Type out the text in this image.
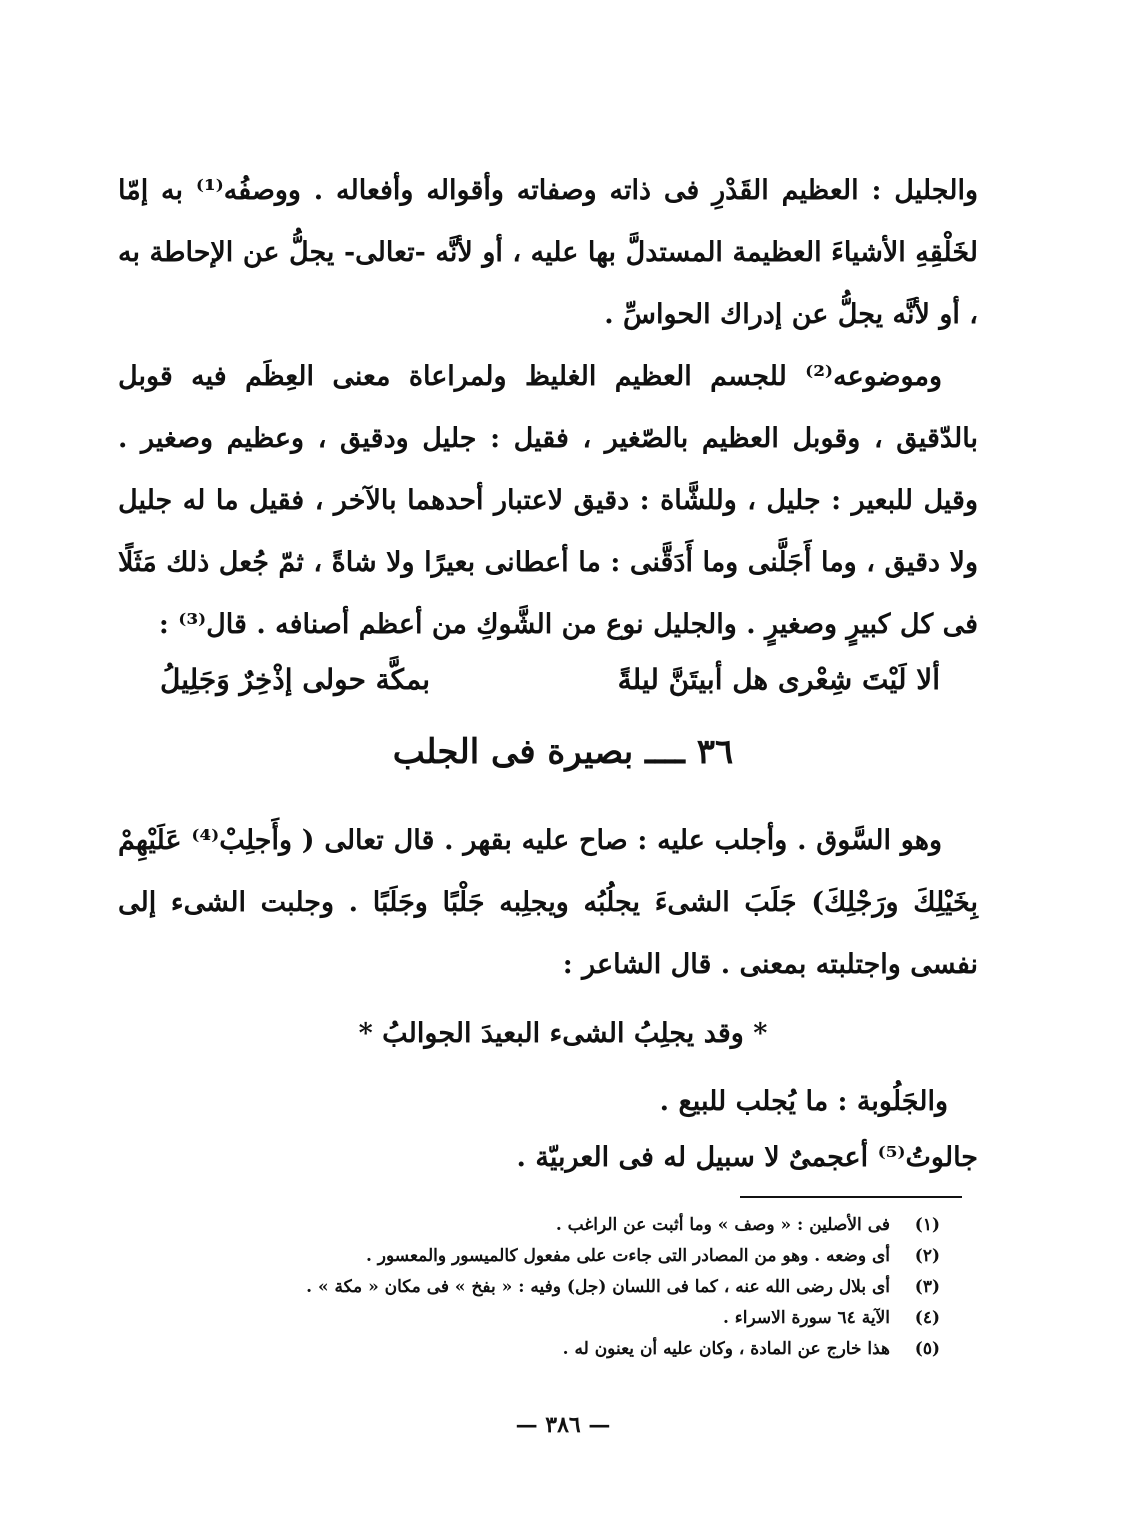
والجليل : العظيم القَدْرِ فى ذاته وصفاته وأقواله وأفعاله . ووصفُه⁽¹⁾ به إمّا لخَلْقِهِ الأشياءَ العظيمة المستدلَّ بها عليه ، أو لأنَّه -تعالى- يجلُّ عن الإحاطة به ، أو لأنَّه يجلُّ عن إدراك الحواسِّ .

وموضوعه⁽²⁾ للجسم العظيم الغليظ ولمراعاة معنى العِظَم فيه قوبل بالدّقيق ، وقوبل العظيم بالصّغير ، فقيل : جليل ودقيق ، وعظيم وصغير . وقيل للبعير : جليل ، وللشَّاة : دقيق لاعتبار أحدهما بالآخر ، فقيل ما له جليل ولا دقيق ، وما أَجَلَّنى وما أَدَقَّنى : ما أعطانى بعيرًا ولا شاةً ، ثمّ جُعل ذلك مَثَلًا فى كل كبيرٍ وصغيرٍ . والجليل نوع من الشَّوكِ من أعظم أصنافه . قال⁽³⁾ :

ألا لَيْتَ شِعْرى هل أبيتَنَّ ليلةً
بمكَّة حولى إذْخِرٌ وَجَلِيلُ
٣٦ ــــ بصيرة فى الجلب

وهو السَّوق . وأجلب عليه : صاح عليه بقهر . قال تعالى ( وأَجلِبْ⁽⁴⁾ عَلَيْهِمْ بِخَيْلِكَ ورَجْلِكَ) جَلَبَ الشىءَ يجلُبُه ويجلِبه جَلْبًا وجَلَبًا . وجلبت الشىء إلى نفسى واجتلبته بمعنى . قال الشاعر :

* وقد يجلِبُ الشىء البعيدَ الجوالبُ *
والجَلُوبة : ما يُجلب للبيع .
جالوتُ⁽⁵⁾ أعجمىٌ لا سبيل له فى العربيّة .
(١)
فى الأصلين : « وصف » وما أثبت عن الراغب .
(٢)
أى وضعه . وهو من المصادر التى جاءت على مفعول كالميسور والمعسور .
(٣)
أى بلال رضى الله عنه ، كما فى اللسان (جل) وفيه : « بفخ » فى مكان « مكة » .
(٤)
الآية ٦٤ سورة الاسراء .
(٥)
هذا خارج عن المادة ، وكان عليه أن يعنون له .
— ٣٨٦ —
